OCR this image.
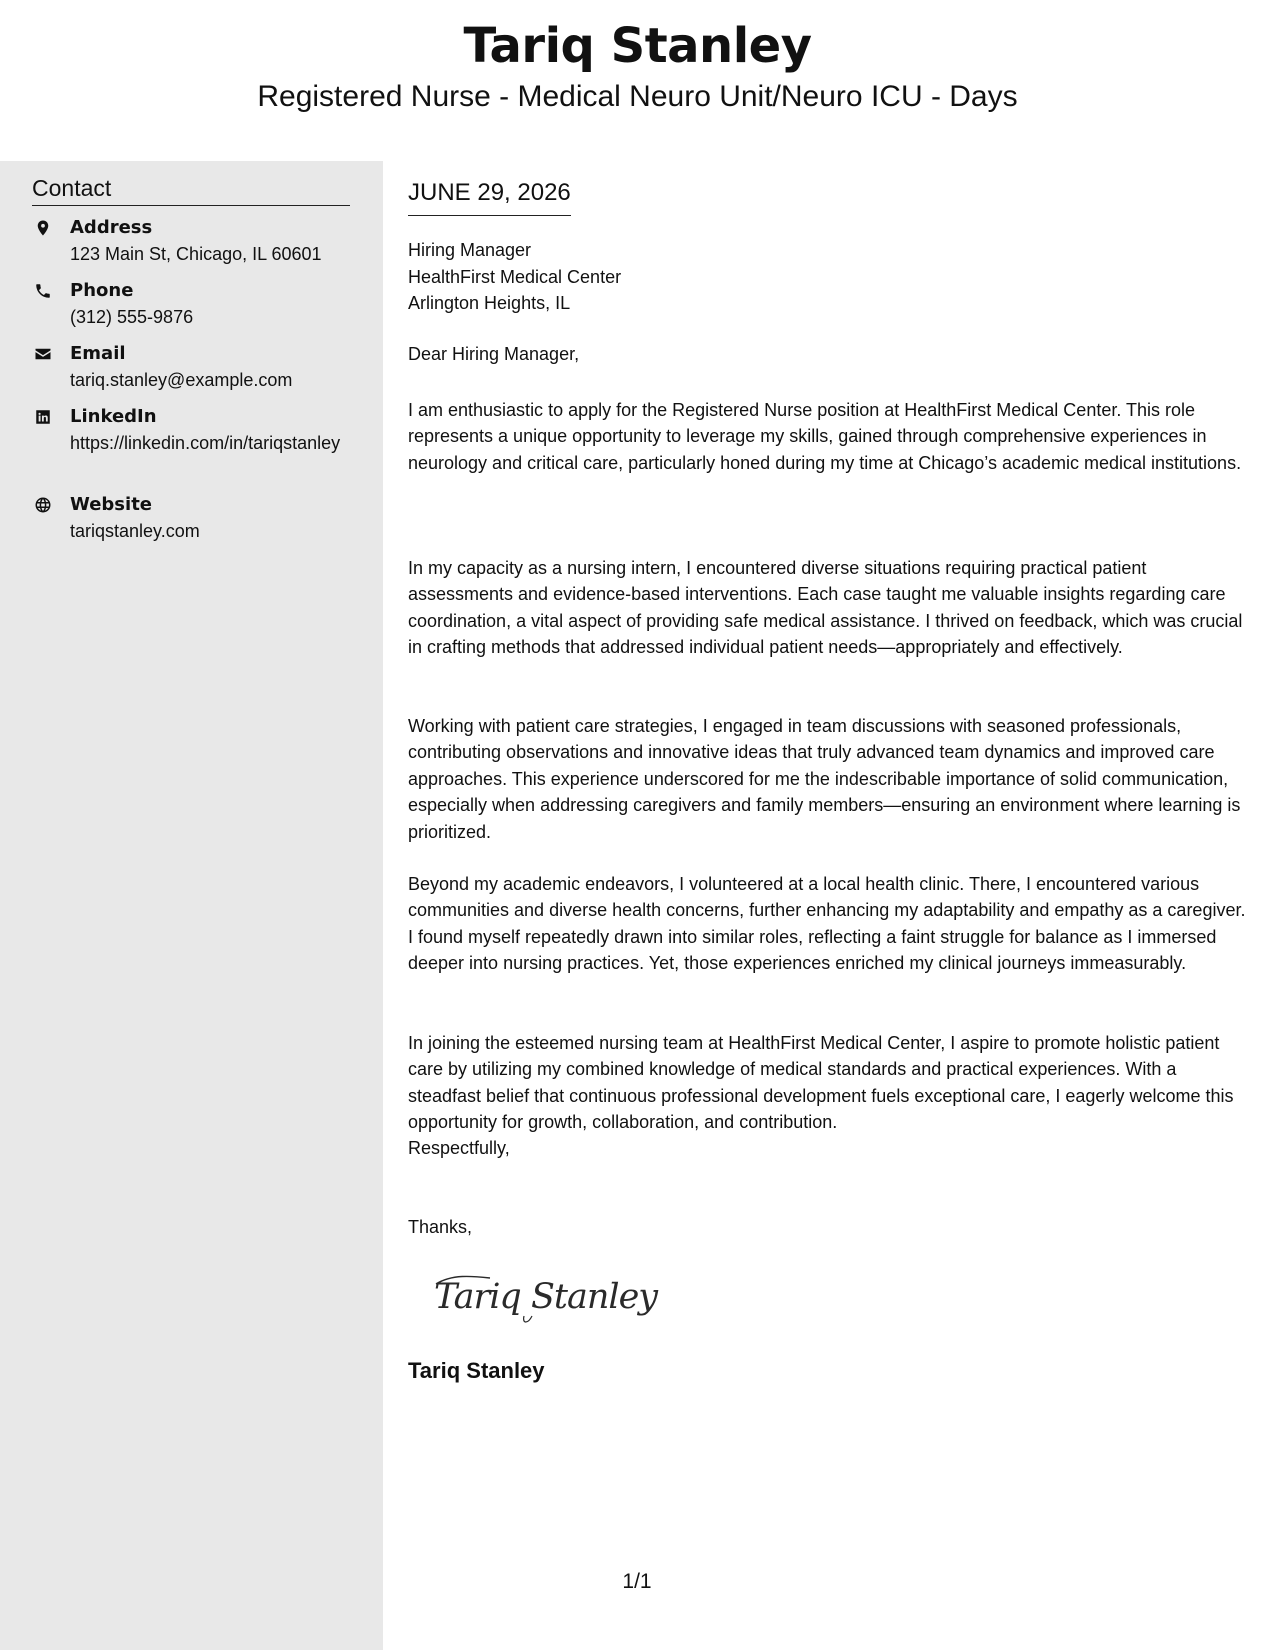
Tariq Stanley
Registered Nurse - Medical Neuro Unit/Neuro ICU - Days
Contact
Address
123 Main St, Chicago, IL 60601
Phone
(312) 555-9876
Email
tariq.stanley@example.com
LinkedIn
https://linkedin.com/in/tariqstanley
Website
tariqstanley.com
JUNE 29, 2026
Hiring Manager
HealthFirst Medical Center
Arlington Heights, IL
Dear Hiring Manager,
I am enthusiastic to apply for the Registered Nurse position at HealthFirst Medical Center. This role represents a unique opportunity to leverage my skills, gained through comprehensive experiences in neurology and critical care, particularly honed during my time at Chicago’s academic medical institutions.
In my capacity as a nursing intern, I encountered diverse situations requiring practical patient assessments and evidence-based interventions. Each case taught me valuable insights regarding care coordination, a vital aspect of providing safe medical assistance. I thrived on feedback, which was crucial in crafting methods that addressed individual patient needs—appropriately and effectively.
Working with patient care strategies, I engaged in team discussions with seasoned professionals, contributing observations and innovative ideas that truly advanced team dynamics and improved care approaches. This experience underscored for me the indescribable importance of solid communication, especially when addressing caregivers and family members—ensuring an environment where learning is prioritized.
Beyond my academic endeavors, I volunteered at a local health clinic. There, I encountered various communities and diverse health concerns, further enhancing my adaptability and empathy as a caregiver. I found myself repeatedly drawn into similar roles, reflecting a faint struggle for balance as I immersed deeper into nursing practices. Yet, those experiences enriched my clinical journeys immeasurably.
In joining the esteemed nursing team at HealthFirst Medical Center, I aspire to promote holistic patient care by utilizing my combined knowledge of medical standards and practical experiences. With a steadfast belief that continuous professional development fuels exceptional care, I eagerly welcome this opportunity for growth, collaboration, and contribution.
Respectfully,
Thanks,
Tariq Stanley
Tariq Stanley
1/1
